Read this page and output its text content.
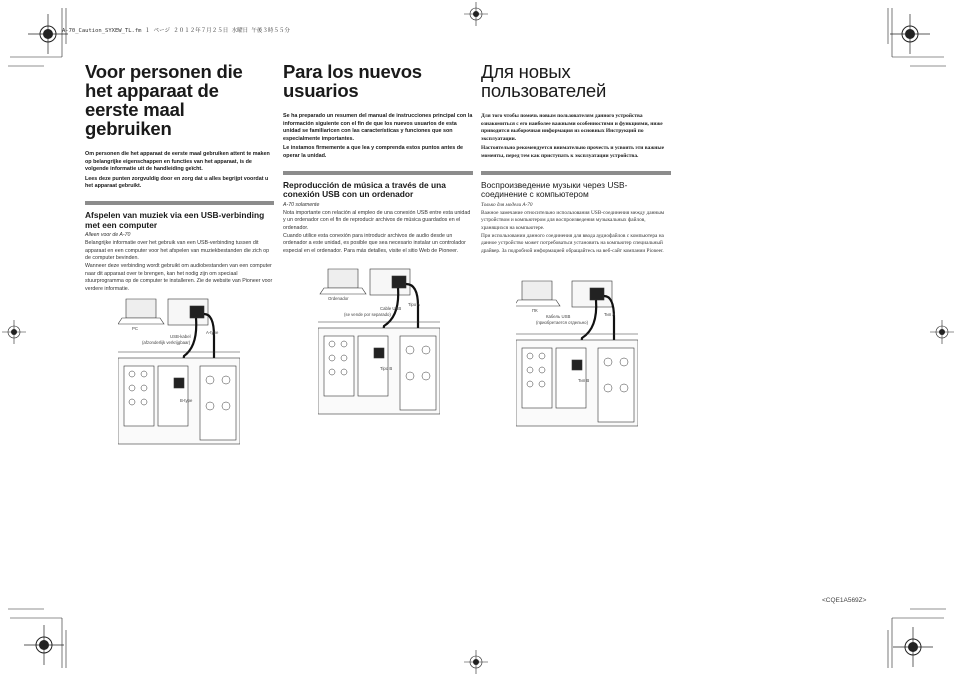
A-70_Caution_SYXEW_TL.fm １ ページ ２０１２年７月２５日 水曜日 午後３時５５分
Voor personen die het apparaat de eerste maal gebruiken

Om personen die het apparaat de eerste maal gebruiken attent te maken op belangrijke eigenschappen en functies van het apparaat, is de volgende informatie uit de handleiding geïcht.

Lees deze punten zorgvuldig door en zorg dat u alles begrijpt voordat u het apparaat gebruikt.

Afspelen van muziek via een USB-verbinding met een computer

Alleen voor de A-70

Belangrijke informatie over het gebruik van een USB-verbinding tussen dit apparaat en een computer voor het afspelen van muziekbestanden die zich op de computer bevinden.

Wanneer deze verbinding wordt gebruikt om audiobestanden van een computer naar dit apparaat over te brengen, kan het nodig zijn om speciaal stuurprogramma op de computer te installeren. Zie de website van Pioneer voor verdere informatie.

Para los nuevos usuarios

Se ha preparado un resumen del manual de instrucciones principal con la información siguiente con el fin de que los nuevos usuarios de esta unidad se familiaricen con las características y funciones que son especialmente importantes.

Le instamos firmemente a que lea y comprenda estos puntos antes de operar la unidad.

Reproducción de música a través de una conexión USB con un ordenador

A-70 solamente

Nota importante con relación al empleo de una conexión USB entre esta unidad y un ordenador con el fin de reproducir archivos de música guardados en el ordenador.

Cuando utilice esta conexión para introducir archivos de audio desde un ordenador a este unidad, es posible que sea necesario instalar un controlador especial en el ordenador. Para más detalles, visite el sitio Web de Pioneer.

Для новых пользователей

Для того чтобы помочь новым пользователям данного устройства ознакомиться с его наиболее важными особенностями и функциями, ниже приводится выборочная информация из основных Инструкций по эксплуатации.

Настоятельно рекомендуется внимательно прочесть и усвоить эти важные моменты, перед тем как приступать к эксплуатации устройства.

Воспроизведение музыки через USB-соединение с компьютером

Только для модели A-70

Важное замечание относительно использования USB-соединения между данным устройством и компьютером для воспроизведения музыкальных файлов, хранящихся на компьютере.

При использовании данного соединения для ввода аудиофайлов с компьютера на данное устройство может потребоваться установить на компьютер специальный драйвер. За подробной информацией обращайтесь на веб-сайт компании Pioneer.

PC
USB-kabel
(afzonderlijk verkrijgbaar)
A-type
B-type
Ordenador
Cable USB
(se vende por separado)
Tipo A
Tipo B
ПК
Кабель USB
(приобретается отдельно)
Тип A
Тип B
<CQE1A569Z>
